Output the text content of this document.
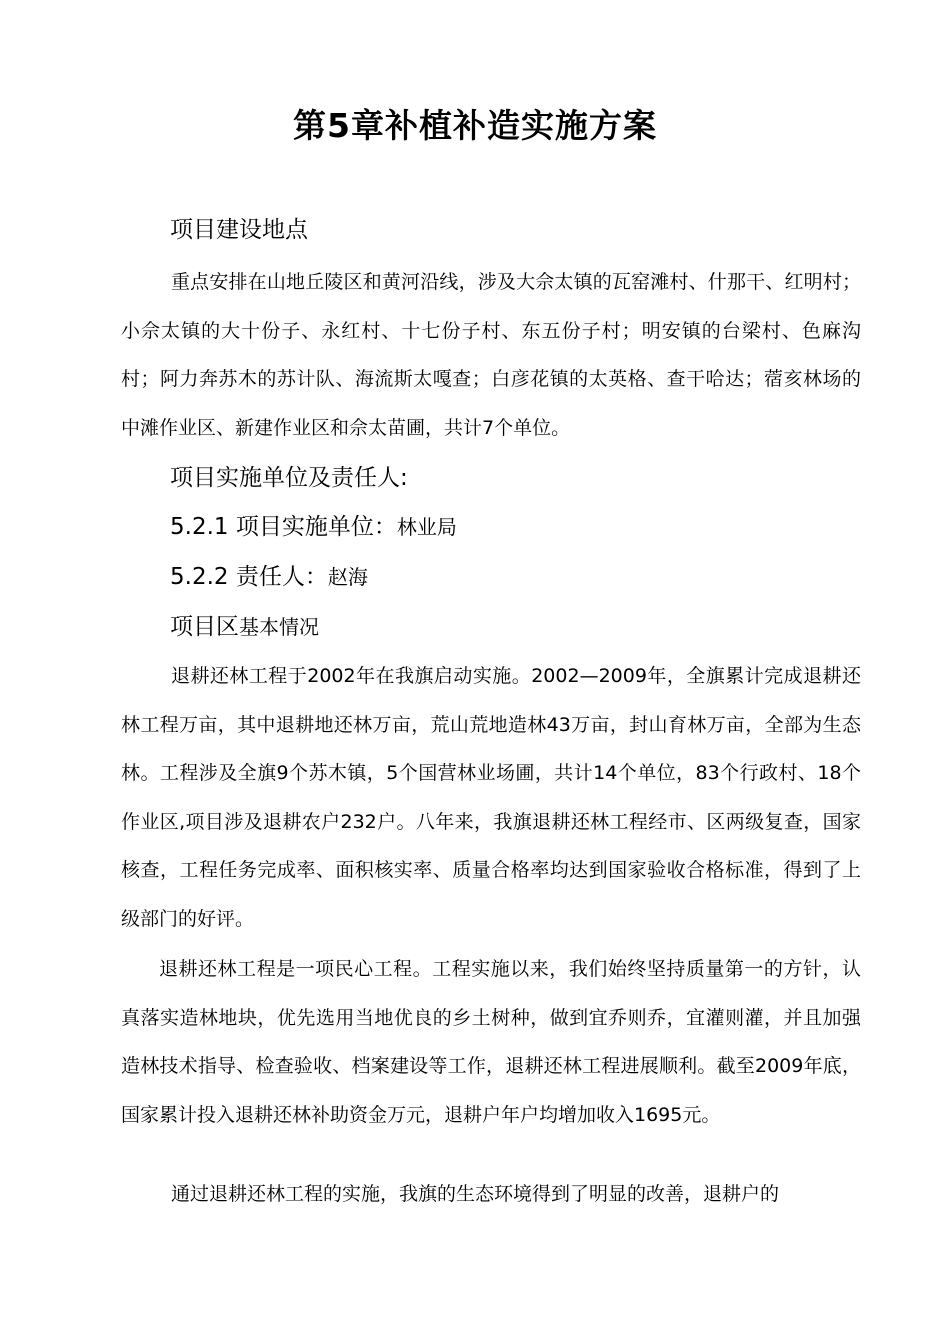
第5章补植补造实施方案
项目建设地点
重点安排在山地丘陵区和黄河沿线，涉及大佘太镇的瓦窑滩村、什那干、红明村；小佘太镇的大十份子、永红村、十七份子村、东五份子村；明安镇的台梁村、色麻沟村；阿力奔苏木的苏计队、海流斯太嘎查；白彦花镇的太英格、查干哈达；蓿亥林场的中滩作业区、新建作业区和佘太苗圃，共计7个单位。
项目实施单位及责任人:
5.2.1 项目实施单位：林业局
5.2.2 责任人：赵海
项目区基本情况
退耕还林工程于2002年在我旗启动实施。2002—2009年，全旗累计完成退耕还林工程万亩，其中退耕地还林万亩，荒山荒地造林43万亩，封山育林万亩，全部为生态林。工程涉及全旗9个苏木镇，5个国营林业场圃，共计14个单位，83个行政村、18个作业区,项目涉及退耕农户232户。八年来，我旗退耕还林工程经市、区两级复查，国家核查，工程任务完成率、面积核实率、质量合格率均达到国家验收合格标准，得到了上级部门的好评。
退耕还林工程是一项民心工程。工程实施以来，我们始终坚持质量第一的方针，认真落实造林地块，优先选用当地优良的乡土树种，做到宜乔则乔，宜灌则灌，并且加强造林技术指导、检查验收、档案建设等工作，退耕还林工程进展顺利。截至2009年底，国家累计投入退耕还林补助资金万元，退耕户年户均增加收入1695元。
通过退耕还林工程的实施，我旗的生态环境得到了明显的改善，退耕户的
